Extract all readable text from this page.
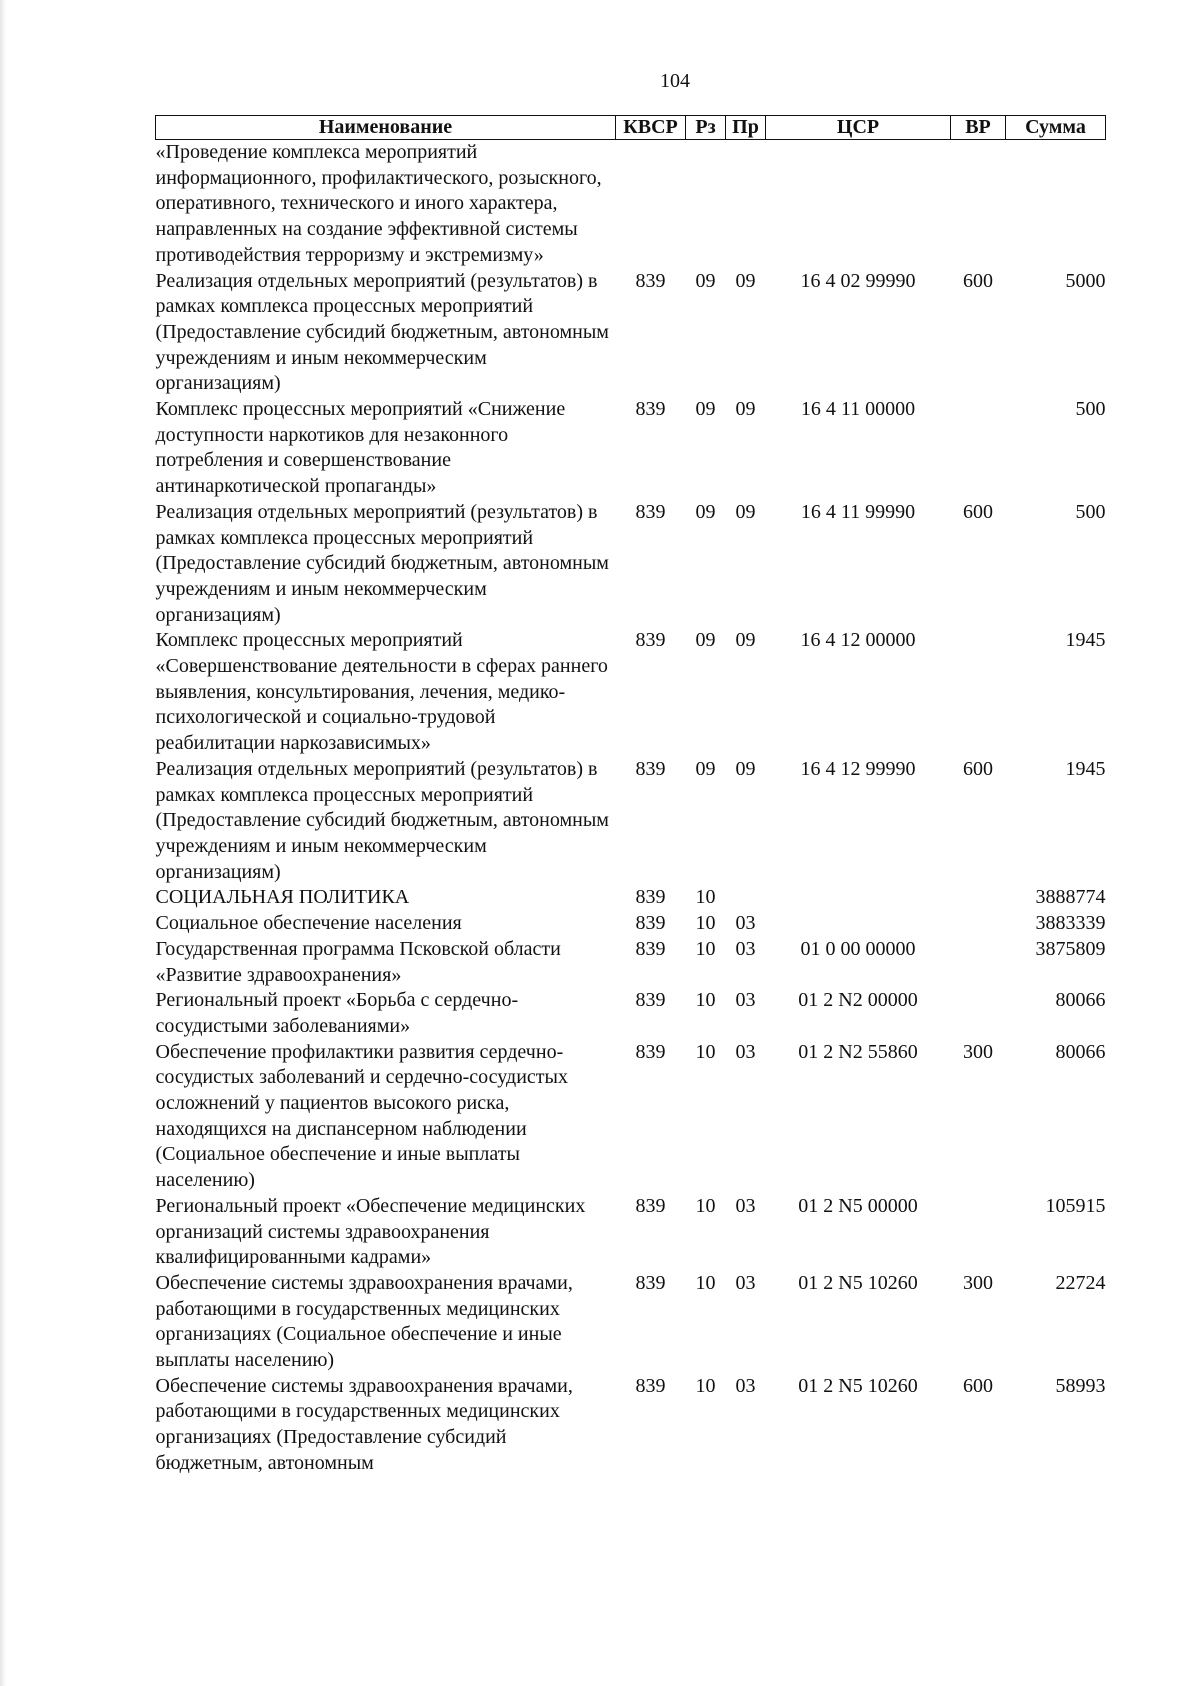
104
Наименование	КВСР	Рз	Пр	ЦСР	ВР	Сумма
«Проведение комплекса мероприятий информационного, профилактического, розыскного, оперативного, технического и иного характера, направленных на создание эффективной системы противодействия терроризму и экстремизму»						
Реализация отдельных мероприятий (результатов) в рамках комплекса процессных мероприятий (Предоставление субсидий бюджетным, автономным учреждениям и иным некоммерческим организациям)	839	09	09	16 4 02 99990	600	5000
Комплекс процессных мероприятий «Снижение доступности наркотиков для незаконного потребления и совершенствование антинаркотической пропаганды»	839	09	09	16 4 11 00000		500
Реализация отдельных мероприятий (результатов) в рамках комплекса процессных мероприятий (Предоставление субсидий бюджетным, автономным учреждениям и иным некоммерческим организациям)	839	09	09	16 4 11 99990	600	500
Комплекс процессных мероприятий «Совершенствование деятельности в сферах раннего выявления, консультирования, лечения, медико-психологической и социально-трудовой реабилитации наркозависимых»	839	09	09	16 4 12 00000		1945
Реализация отдельных мероприятий (результатов) в рамках комплекса процессных мероприятий (Предоставление субсидий бюджетным, автономным учреждениям и иным некоммерческим организациям)	839	09	09	16 4 12 99990	600	1945
СОЦИАЛЬНАЯ ПОЛИТИКА	839	10				3888774
Социальное обеспечение населения	839	10	03			3883339
Государственная программа Псковской области «Развитие здравоохранения»	839	10	03	01 0 00 00000		3875809
Региональный проект «Борьба с сердечно-сосудистыми заболеваниями»	839	10	03	01 2 N2 00000		80066
Обеспечение профилактики развития сердечно-сосудистых заболеваний и сердечно-сосудистых осложнений у пациентов высокого риска, находящихся на диспансерном наблюдении (Социальное обеспечение и иные выплаты населению)	839	10	03	01 2 N2 55860	300	80066
Региональный проект «Обеспечение медицинских организаций системы здравоохранения квалифицированными кадрами»	839	10	03	01 2 N5 00000		105915
Обеспечение системы здравоохранения врачами, работающими в государственных медицинских организациях (Социальное обеспечение и иные выплаты населению)	839	10	03	01 2 N5 10260	300	22724
Обеспечение системы здравоохранения врачами, работающими в государственных медицинских организациях (Предоставление субсидий бюджетным, автономным	839	10	03	01 2 N5 10260	600	58993
